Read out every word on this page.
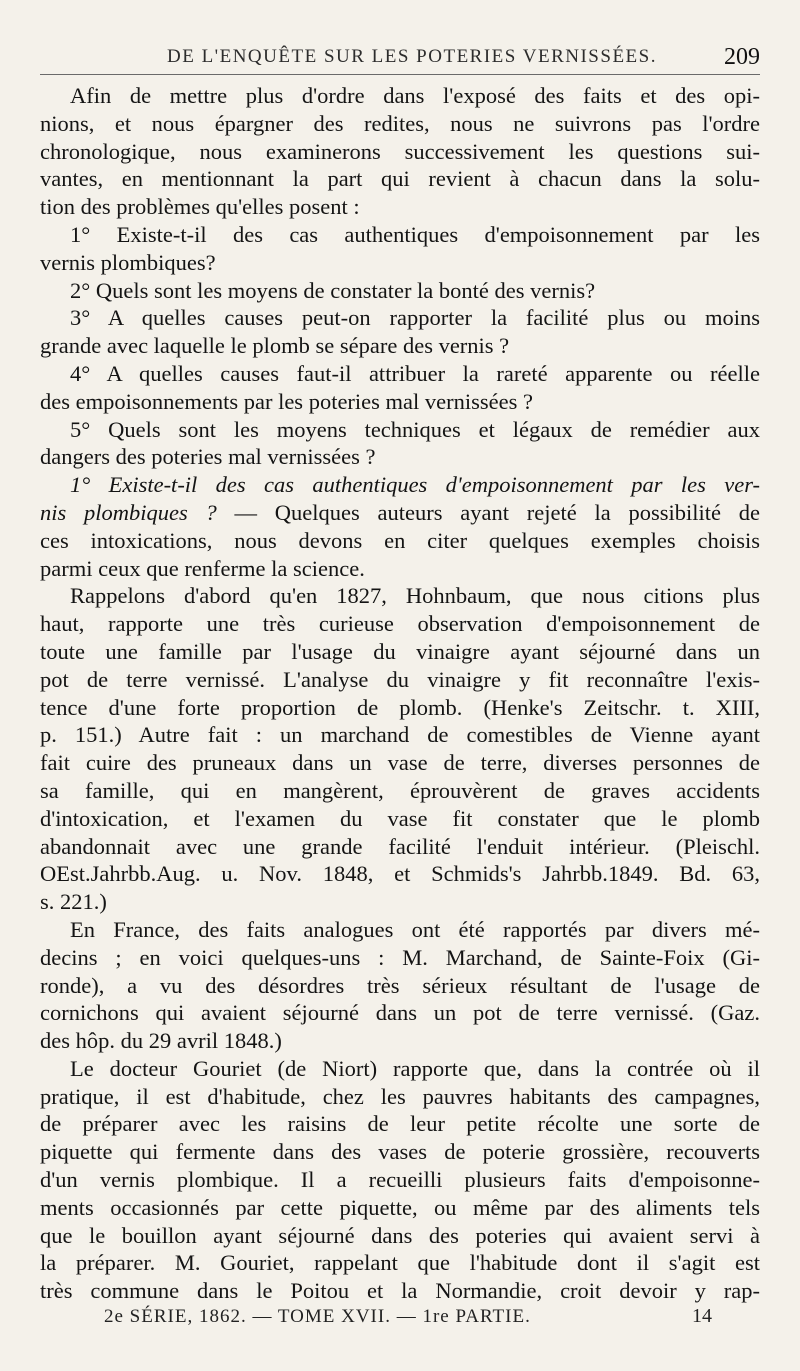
DE L'ENQUÊTE SUR LES POTERIES VERNISSÉES.	209
Afin de mettre plus d'ordre dans l'exposé des faits et des opi-
nions, et nous épargner des redites, nous ne suivrons pas l'ordre
chronologique, nous examinerons successivement les questions sui-
vantes, en mentionnant la part qui revient à chacun dans la solu-
tion des problèmes qu'elles posent :
1° Existe-t-il des cas authentiques d'empoisonnement par les
vernis plombiques?
2° Quels sont les moyens de constater la bonté des vernis?
3° A quelles causes peut-on rapporter la facilité plus ou moins
grande avec laquelle le plomb se sépare des vernis ?
4° A quelles causes faut-il attribuer la rareté apparente ou réelle
des empoisonnements par les poteries mal vernissées ?
5° Quels sont les moyens techniques et légaux de remédier aux
dangers des poteries mal vernissées ?
1° Existe-t-il des cas authentiques d'empoisonnement par les ver-
nis plombiques ? — Quelques auteurs ayant rejeté la possibilité de
ces intoxications, nous devons en citer quelques exemples choisis
parmi ceux que renferme la science.
Rappelons d'abord qu'en 1827, Hohnbaum, que nous citions plus
haut, rapporte une très curieuse observation d'empoisonnement de
toute une famille par l'usage du vinaigre ayant séjourné dans un
pot de terre vernissé. L'analyse du vinaigre y fit reconnaître l'exis-
tence d'une forte proportion de plomb. (Henke's Zeitschr. t. XIII,
p. 151.) Autre fait : un marchand de comestibles de Vienne ayant
fait cuire des pruneaux dans un vase de terre, diverses personnes de
sa famille, qui en mangèrent, éprouvèrent de graves accidents
d'intoxication, et l'examen du vase fit constater que le plomb
abandonnait avec une grande facilité l'enduit intérieur. (Pleischl.
OEst.Jahrbb.Aug. u. Nov. 1848, et Schmids's Jahrbb.1849. Bd. 63,
s. 221.)
En France, des faits analogues ont été rapportés par divers mé-
decins ; en voici quelques-uns : M. Marchand, de Sainte-Foix (Gi-
ronde), a vu des désordres très sérieux résultant de l'usage de
cornichons qui avaient séjourné dans un pot de terre vernissé. (Gaz.
des hôp. du 29 avril 1848.)
Le docteur Gouriet (de Niort) rapporte que, dans la contrée où il
pratique, il est d'habitude, chez les pauvres habitants des campagnes,
de préparer avec les raisins de leur petite récolte une sorte de
piquette qui fermente dans des vases de poterie grossière, recouverts
d'un vernis plombique. Il a recueilli plusieurs faits d'empoisonne-
ments occasionnés par cette piquette, ou même par des aliments tels
que le bouillon ayant séjourné dans des poteries qui avaient servi à
la préparer. M. Gouriet, rappelant que l'habitude dont il s'agit est
très commune dans le Poitou et la Normandie, croit devoir y rap-
2e SÉRIE, 1862. — TOME XVII. — 1re PARTIE.	14
